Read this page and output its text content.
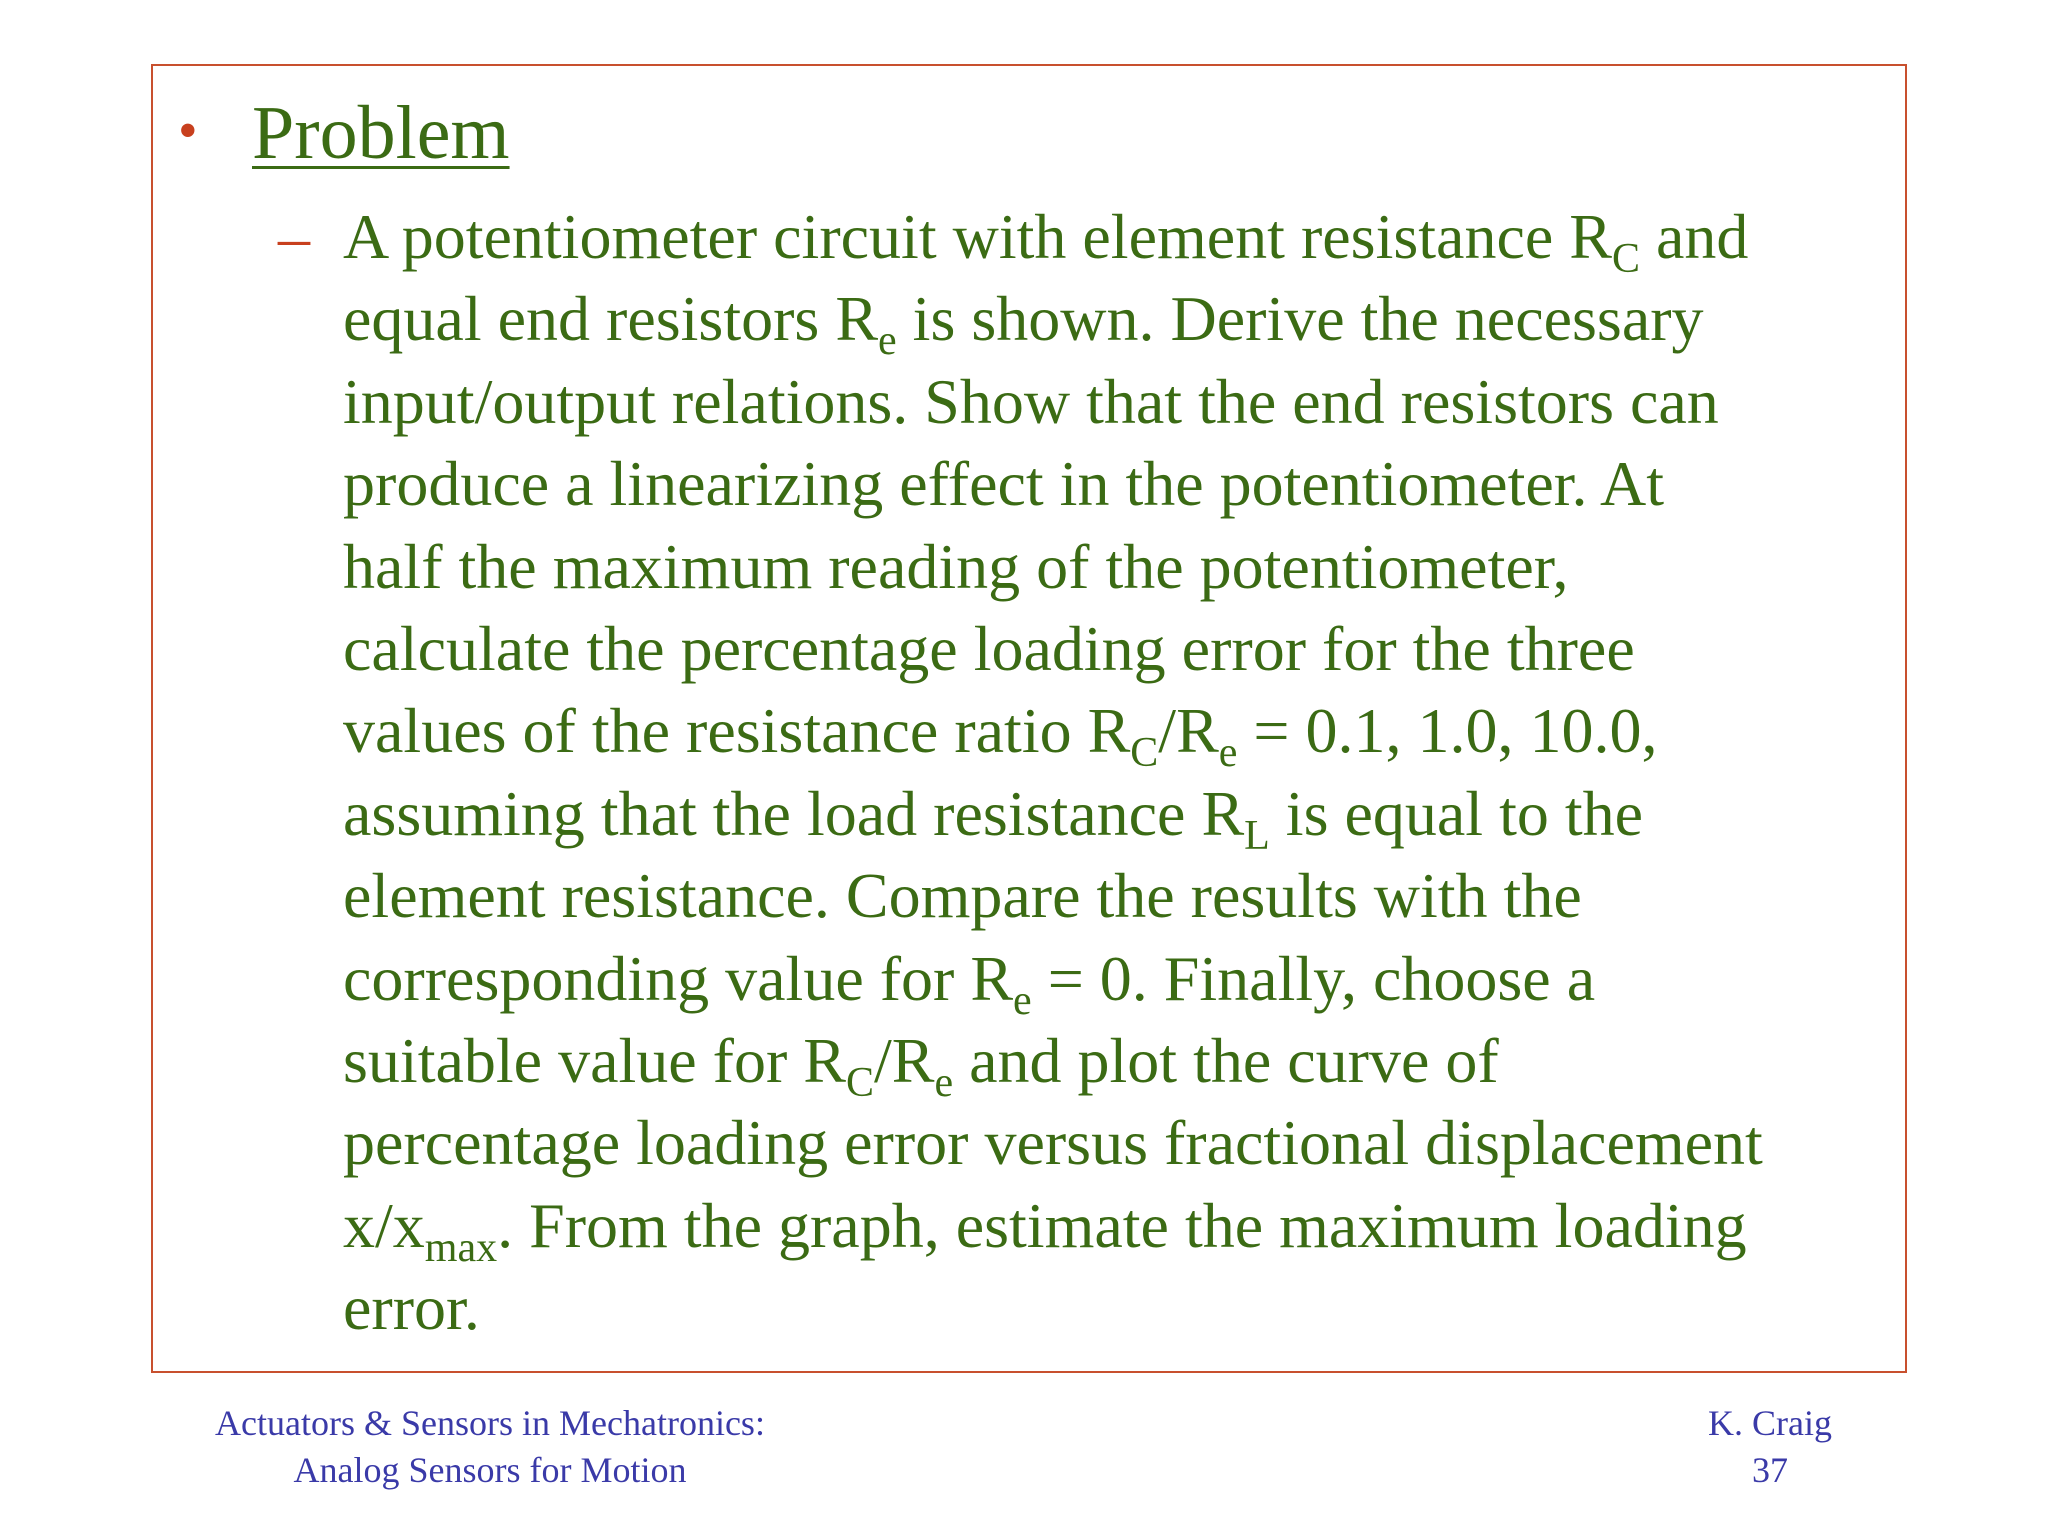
• Problem
– A potentiometer circuit with element resistance $R_C$ and
equal end resistors $R_e$ is shown. Derive the necessary
input/output relations. Show that the end resistors can
produce a linearizing effect in the potentiometer. At
half the maximum reading of the potentiometer,
calculate the percentage loading error for the three
values of the resistance ratio $R_C/R_e = 0.1$, 1.0, 10.0,
assuming that the load resistance $R_L$ is equal to the
element resistance. Compare the results with the
corresponding value for $R_e = 0$. Finally, choose a
suitable value for $R_C/R_e$ and plot the curve of
percentage loading error versus fractional displacement
$x/x_{max}$. From the graph, estimate the maximum loading
error.
Actuators & Sensors in Mechatronics:
Analog Sensors for Motion
K. Craig
37
